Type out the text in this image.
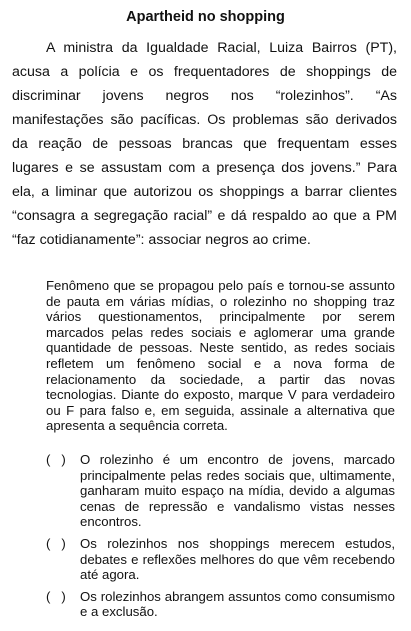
Apartheid no shopping

A ministra da Igualdade Racial, Luiza Bairros (PT), acusa a polícia e os frequentadores de shoppings de discriminar jovens negros nos “rolezinhos”. “As manifestações são pacíficas. Os problemas são derivados da reação de pessoas brancas que frequentam esses lugares e se assustam com a presença dos jovens.” Para ela, a liminar que autorizou os shoppings a barrar clientes “consagra a segregação racial” e dá respaldo ao que a PM “faz cotidianamente”: associar negros ao crime.

Fenômeno que se propagou pelo país e tornou-se assunto de pauta em várias mídias, o rolezinho no shopping traz vários questionamentos, principalmente por serem marcados pelas redes sociais e aglomerar uma grande quantidade de pessoas. Neste sentido, as redes sociais refletem um fenômeno social e a nova forma de relacionamento da sociedade, a partir das novas tecnologias. Diante do exposto, marque V para verdadeiro ou F para falso e, em seguida, assinale a alternativa que apresenta a sequência correta.

(   )	O rolezinho é um encontro de jovens, marcado principalmente pelas redes sociais que, ultimamente, ganharam muito espaço na mídia, devido a algumas cenas de repressão e vandalismo vistas nesses encontros.
(   )	Os rolezinhos nos shoppings merecem estudos, debates e reflexões melhores do que vêm recebendo até agora.
(   )	Os rolezinhos abrangem assuntos como consumismo e a exclusão.
